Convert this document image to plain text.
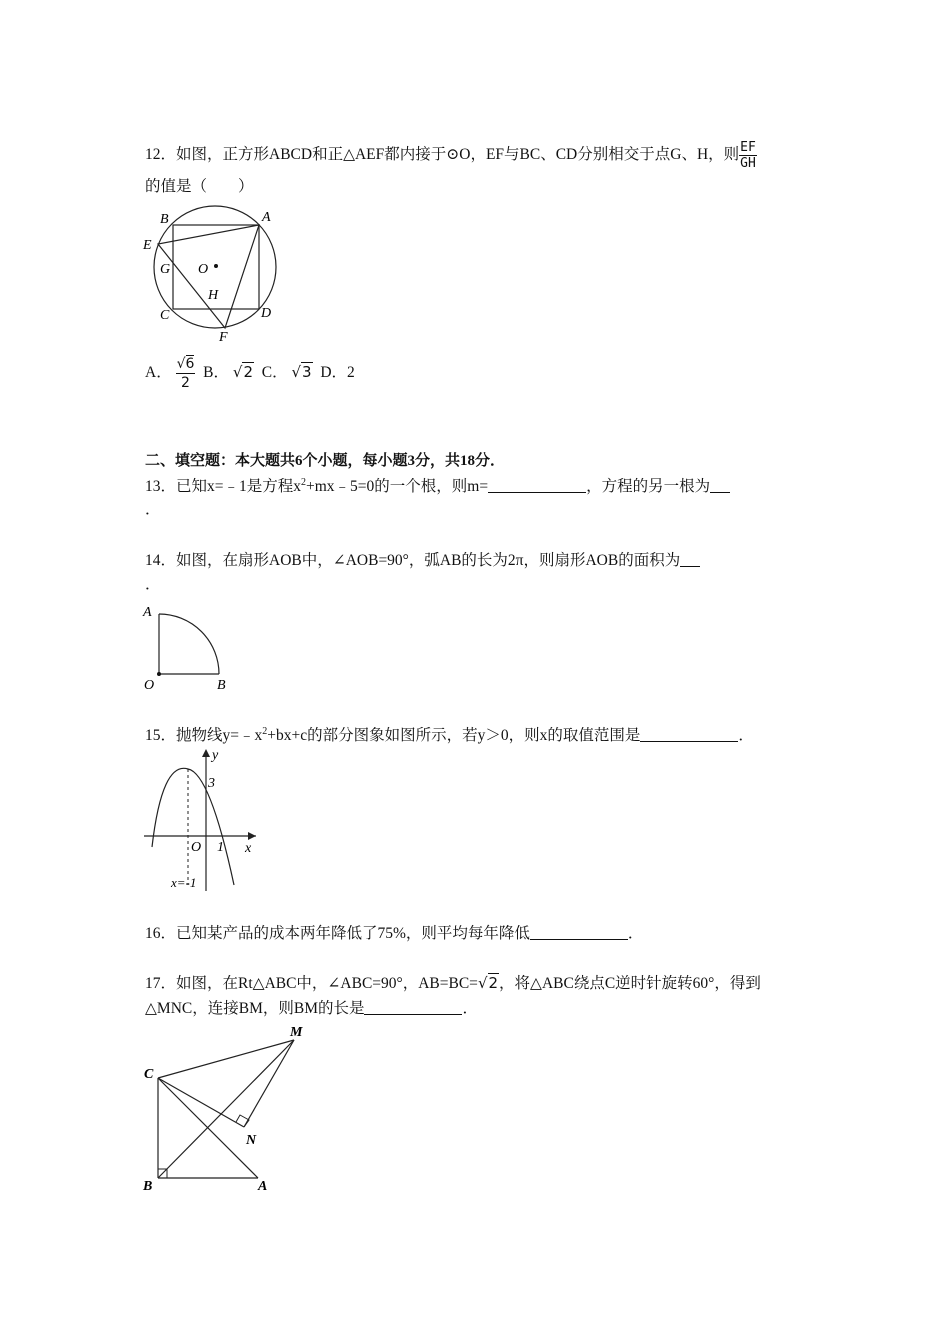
12．如图，正方形ABCD和正△AEF都内接于⊙O，EF与BC、CD分别相交于点G、H，则 $\frac{EF}{GH}$
的值是（　　）
B	A
E
G O
H
C	D
F
A． $\frac{√6}{2}$ B． √2 C． √3 D．2
二、填空题：本大题共6个小题，每小题3分，共18分．
13．已知x=﹣1是方程$x^2+mx﹣5=0$的一个根，则m=	，方程的另一根为
．
14．如图，在扇形AOB中，∠AOB=90°，弧AB的长为2π，则扇形AOB的面积为
．
A
O	B
15．抛物线$y=﹣x^2+bx+c$的部分图象如图所示，若y＞0，则x的取值范围是	．
y
3
O 1 x
x=-1
16．已知某产品的成本两年降低了75%，则平均每年降低	．
17．如图，在Rt△ABC中，∠ABC=90°，AB=BC=√2，将△ABC绕点C逆时针旋转60°，得到
△MNC，连接BM，则BM的长是	．
C
M
N
B	A
